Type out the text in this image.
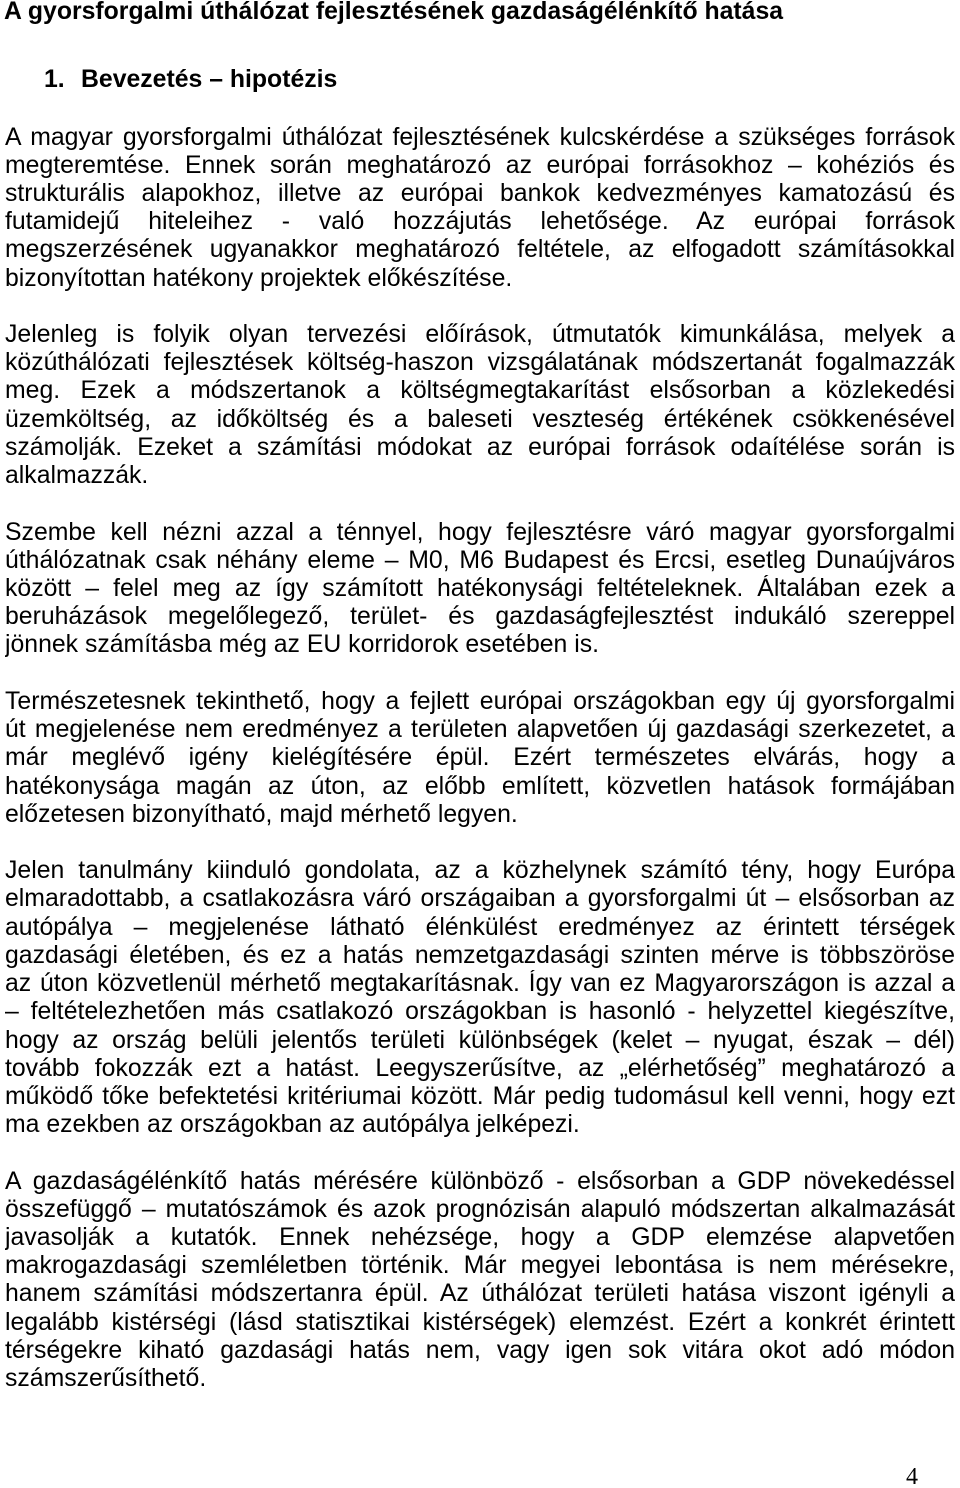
A gyorsforgalmi úthálózat fejlesztésének gazdaságélénkítő hatása
1. Bevezetés – hipotézis
A magyar gyorsforgalmi úthálózat fejlesztésének kulcskérdése a szükséges források
megteremtése. Ennek során meghatározó az európai forrásokhoz – kohéziós és
strukturális alapokhoz, illetve az európai bankok kedvezményes kamatozású és
futamidejű hiteleihez - való hozzájutás lehetősége. Az európai források
megszerzésének ugyanakkor meghatározó feltétele, az elfogadott számításokkal
bizonyítottan hatékony projektek előkészítése.
Jelenleg is folyik olyan tervezési előírások, útmutatók kimunkálása, melyek a
közúthálózati fejlesztések költség-haszon vizsgálatának módszertanát fogalmazzák
meg. Ezek a módszertanok a költségmegtakarítást elsősorban a közlekedési
üzemköltség, az időköltség és a baleseti veszteség értékének csökkenésével
számolják. Ezeket a számítási módokat az európai források odaítélése során is
alkalmazzák.
Szembe kell nézni azzal a ténnyel, hogy fejlesztésre váró magyar gyorsforgalmi
úthálózatnak csak néhány eleme – M0, M6 Budapest és Ercsi, esetleg Dunaújváros
között – felel meg az így számított hatékonysági feltételeknek. Általában ezek a
beruházások megelőlegező, terület- és gazdaságfejlesztést indukáló szereppel
jönnek számításba még az EU korridorok esetében is.
Természetesnek tekinthető, hogy a fejlett európai országokban egy új gyorsforgalmi
út megjelenése nem eredményez a területen alapvetően új gazdasági szerkezetet, a
már meglévő igény kielégítésére épül. Ezért természetes elvárás, hogy a
hatékonysága magán az úton, az előbb említett, közvetlen hatások formájában
előzetesen bizonyítható, majd mérhető legyen.
Jelen tanulmány kiinduló gondolata, az a közhelynek számító tény, hogy Európa
elmaradottabb, a csatlakozásra váró országaiban a gyorsforgalmi út – elsősorban az
autópálya – megjelenése látható élénkülést eredményez az érintett térségek
gazdasági életében, és ez a hatás nemzetgazdasági szinten mérve is többszöröse
az úton közvetlenül mérhető megtakarításnak. Így van ez Magyarországon is azzal a
– feltételezhetően más csatlakozó országokban is hasonló - helyzettel kiegészítve,
hogy az ország belüli jelentős területi különbségek (kelet – nyugat, észak – dél)
tovább fokozzák ezt a hatást. Leegyszerűsítve, az „elérhetőség” meghatározó a
működő tőke befektetési kritériumai között. Már pedig tudomásul kell venni, hogy ezt
ma ezekben az országokban az autópálya jelképezi.
A gazdaságélénkítő hatás mérésére különböző - elsősorban a GDP növekedéssel
összefüggő – mutatószámok és azok prognózisán alapuló módszertan alkalmazását
javasolják a kutatók. Ennek nehézsége, hogy a GDP elemzése alapvetően
makrogazdasági szemléletben történik. Már megyei lebontása is nem mérésekre,
hanem számítási módszertanra épül. Az úthálózat területi hatása viszont igényli a
legalább kistérségi (lásd statisztikai kistérségek) elemzést. Ezért a konkrét érintett
térségekre kiható gazdasági hatás nem, vagy igen sok vitára okot adó módon
számszerűsíthető.
4
